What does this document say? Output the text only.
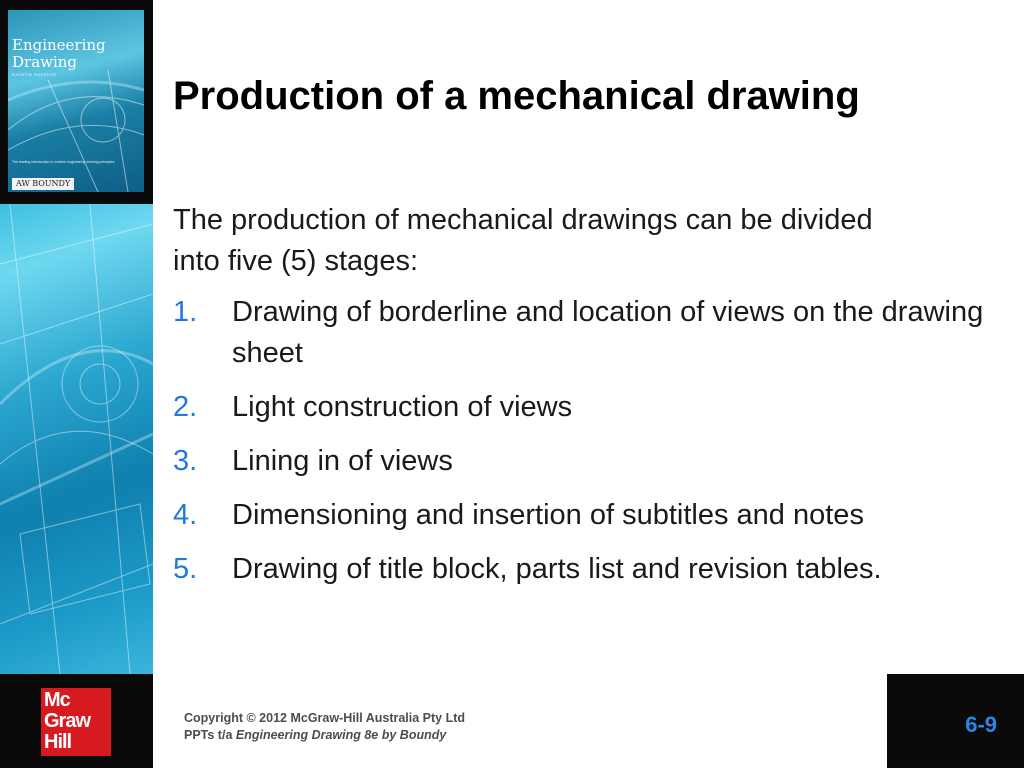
Engineering
Drawing
EIGHTH EDITION
The leading introduction to modern engineering drawing principles
AW BOUNDY
Production of a mechanical drawing

The production of mechanical drawings can be divided into five (5) stages:

1.	Drawing of borderline and location of views on the drawing sheet
2.	Light construction of views
3.	Lining in of views
4.	Dimensioning and insertion of subtitles and notes
5.	Drawing of title block, parts list and revision tables.
Mc
Graw
Hill
Copyright © 2012 McGraw-Hill Australia Pty Ltd
PPTs t/a Engineering Drawing 8e by Boundy	6-9
